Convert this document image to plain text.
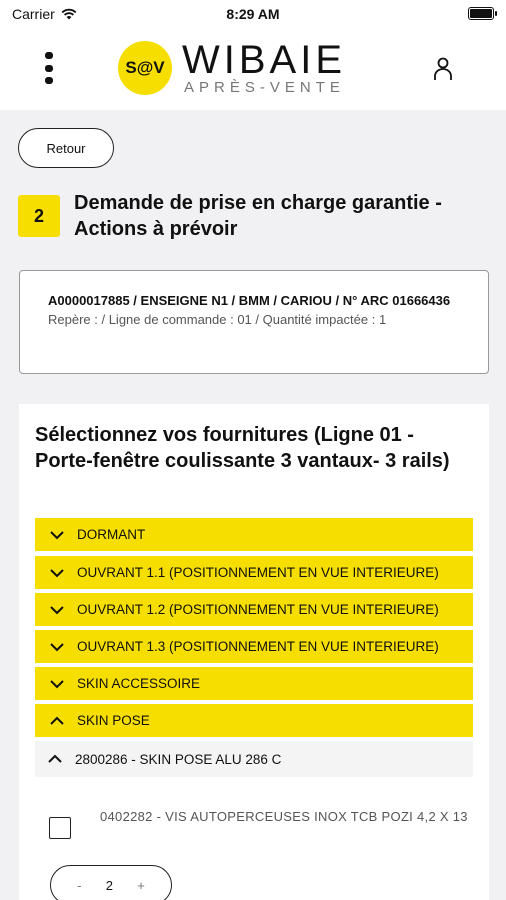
Carrier	8:29 AM
S@V WIBAIE
APRÈS-VENTE
Retour
2
Demande de prise en charge garantie - Actions à prévoir
A0000017885 / ENSEIGNE N1 / BMM / CARIOU / N° ARC 01666436
Repère : / Ligne de commande : 01 / Quantité impactée : 1
Sélectionnez vos fournitures (Ligne 01 - Porte-fenêtre coulissante 3 vantaux- 3 rails)
DORMANT
OUVRANT 1.1 (POSITIONNEMENT EN VUE INTERIEURE)
OUVRANT 1.2 (POSITIONNEMENT EN VUE INTERIEURE)
OUVRANT 1.3 (POSITIONNEMENT EN VUE INTERIEURE)
SKIN ACCESSOIRE
SKIN POSE
2800286 - SKIN POSE ALU 286 C
0402282 - VIS AUTOPERCEUSES INOX TCB POZI 4,2 X 13
- 2 +
